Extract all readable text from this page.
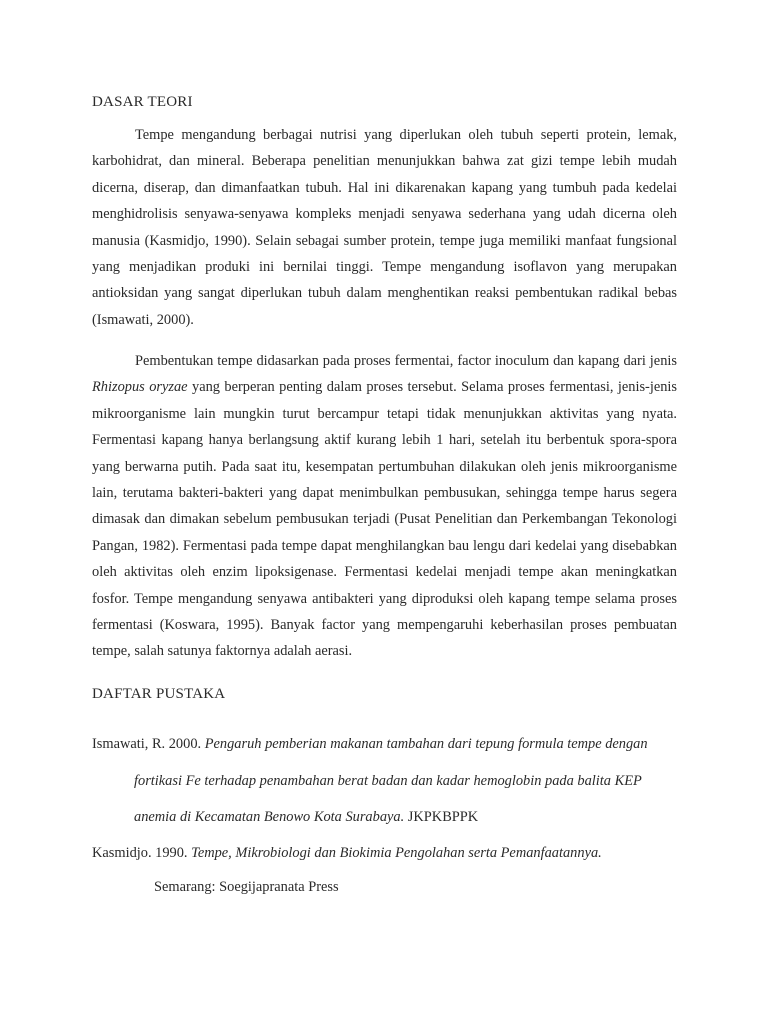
DASAR TEORI
Tempe mengandung berbagai nutrisi yang diperlukan oleh tubuh seperti protein, lemak, karbohidrat, dan mineral. Beberapa penelitian menunjukkan bahwa zat gizi tempe lebih mudah dicerna, diserap, dan dimanfaatkan tubuh. Hal ini dikarenakan kapang yang tumbuh pada kedelai menghidrolisis senyawa-senyawa kompleks menjadi senyawa sederhana yang udah dicerna oleh manusia (Kasmidjo, 1990). Selain sebagai sumber protein, tempe juga memiliki manfaat fungsional yang menjadikan produki ini bernilai tinggi. Tempe mengandung isoflavon yang merupakan antioksidan yang sangat diperlukan tubuh dalam menghentikan reaksi pembentukan radikal bebas (Ismawati, 2000).
Pembentukan tempe didasarkan pada proses fermentai, factor inoculum dan kapang dari jenis Rhizopus oryzae yang berperan penting dalam proses tersebut. Selama proses fermentasi, jenis-jenis mikroorganisme lain mungkin turut bercampur tetapi tidak menunjukkan aktivitas yang nyata. Fermentasi kapang hanya berlangsung aktif kurang lebih 1 hari, setelah itu berbentuk spora-spora yang berwarna putih. Pada saat itu, kesempatan pertumbuhan dilakukan oleh jenis mikroorganisme lain, terutama bakteri-bakteri yang dapat menimbulkan pembusukan, sehingga tempe harus segera dimasak dan dimakan sebelum pembusukan terjadi (Pusat Penelitian dan Perkembangan Tekonologi Pangan, 1982). Fermentasi pada tempe dapat menghilangkan bau lengu dari kedelai yang disebabkan oleh aktivitas oleh enzim lipoksigenase. Fermentasi kedelai menjadi tempe akan meningkatkan fosfor. Tempe mengandung senyawa antibakteri yang diproduksi oleh kapang tempe selama proses fermentasi (Koswara, 1995). Banyak factor yang mempengaruhi keberhasilan proses pembuatan tempe, salah satunya faktornya adalah aerasi.
DAFTAR PUSTAKA
Ismawati, R. 2000. Pengaruh pemberian makanan tambahan dari tepung formula tempe dengan fortikasi Fe terhadap penambahan berat badan dan kadar hemoglobin pada balita KEP anemia di Kecamatan Benowo Kota Surabaya. JKPKBPPK
Kasmidjo. 1990. Tempe, Mikrobiologi dan Biokimia Pengolahan serta Pemanfaatannya.
Semarang: Soegijapranata Press
